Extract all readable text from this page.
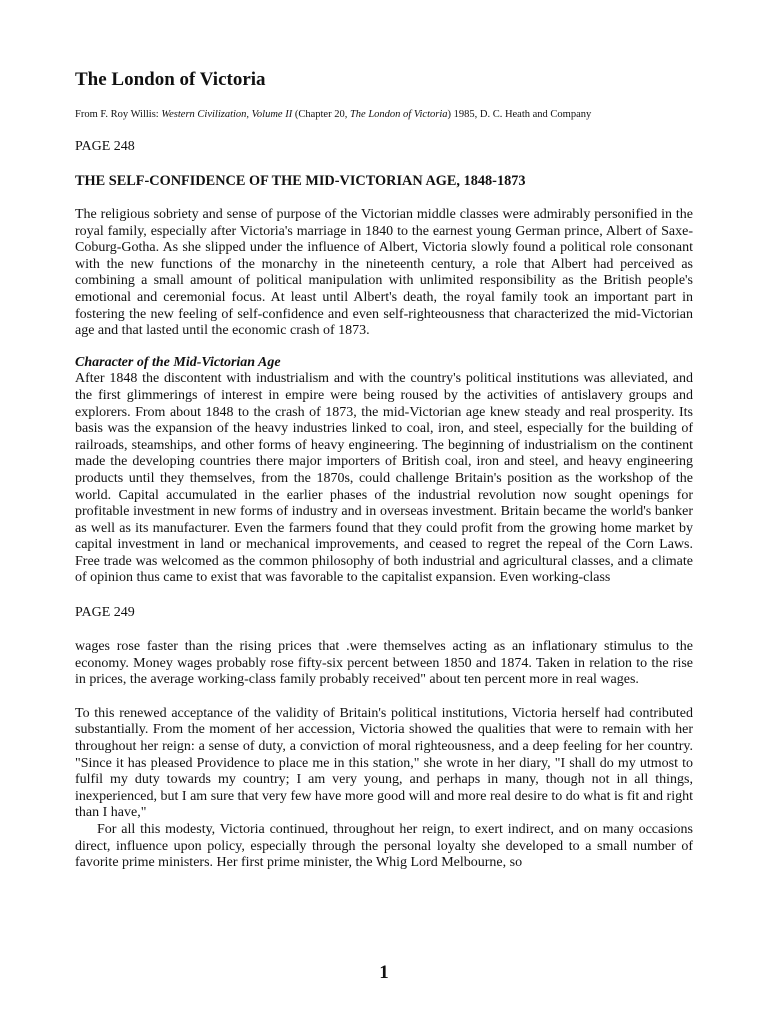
The London of Victoria
From F. Roy Willis: Western Civilization, Volume II (Chapter 20, The London of Victoria) 1985, D. C. Heath and Company
PAGE 248
THE SELF-CONFIDENCE OF THE MID-VICTORIAN AGE, 1848-1873

The religious sobriety and sense of purpose of the Victorian middle classes were admirably personified in the royal family, especially after Victoria's marriage in 1840 to the earnest young German prince, Albert of Saxe-Coburg-Gotha. As she slipped under the influence of Albert, Victoria slowly found a political role consonant with the new functions of the monarchy in the nineteenth century, a role that Albert had perceived as combining a small amount of political manipulation with unlimited responsibility as the British people's emotional and ceremonial focus. At least until Albert's death, the royal family took an important part in fostering the new feeling of self-confidence and even self-righteousness that characterized the mid-Victorian age and that lasted until the economic crash of 1873.

Character of the Mid-Victorian Age

After 1848 the discontent with industrialism and with the country's political institutions was alleviated, and the first glimmerings of interest in empire were being roused by the activities of antislavery groups and explorers. From about 1848 to the crash of 1873, the mid-Victorian age knew steady and real prosperity. Its basis was the expansion of the heavy industries linked to coal, iron, and steel, especially for the building of railroads, steamships, and other forms of heavy engineering. The beginning of industrialism on the continent made the developing countries there major importers of British coal, iron and steel, and heavy engineering products until they themselves, from the 1870s, could challenge Britain's position as the workshop of the world. Capital accumulated in the earlier phases of the industrial revolution now sought openings for profitable investment in new forms of industry and in overseas investment. Britain became the world's banker as well as its manufacturer. Even the farmers found that they could profit from the growing home market by capital investment in land or mechanical improvements, and ceased to regret the repeal of the Corn Laws. Free trade was welcomed as the common philosophy of both industrial and agricultural classes, and a climate of opinion thus came to exist that was favorable to the capitalist expansion. Even working-class

PAGE 249

wages rose faster than the rising prices that .were themselves acting as an inflationary stimulus to the economy. Money wages probably rose fifty-six percent between 1850 and 1874. Taken in relation to the rise in prices, the average working-class family probably received" about ten percent more in real wages.

To this renewed acceptance of the validity of Britain's political institutions, Victoria herself had contributed substantially. From the moment of her accession, Victoria showed the qualities that were to remain with her throughout her reign: a sense of duty, a conviction of moral righteousness, and a deep feeling for her country. "Since it has pleased Providence to place me in this station," she wrote in her diary, "I shall do my utmost to fulfil my duty towards my country; I am very young, and perhaps in many, though not in all things, inexperienced, but I am sure that very few have more good will and more real desire to do what is fit and right than I have,"

For all this modesty, Victoria continued, throughout her reign, to exert indirect, and on many occasions direct, influence upon policy, especially through the personal loyalty she developed to a small number of favorite prime ministers. Her first prime minister, the Whig Lord Melbourne, so

1
